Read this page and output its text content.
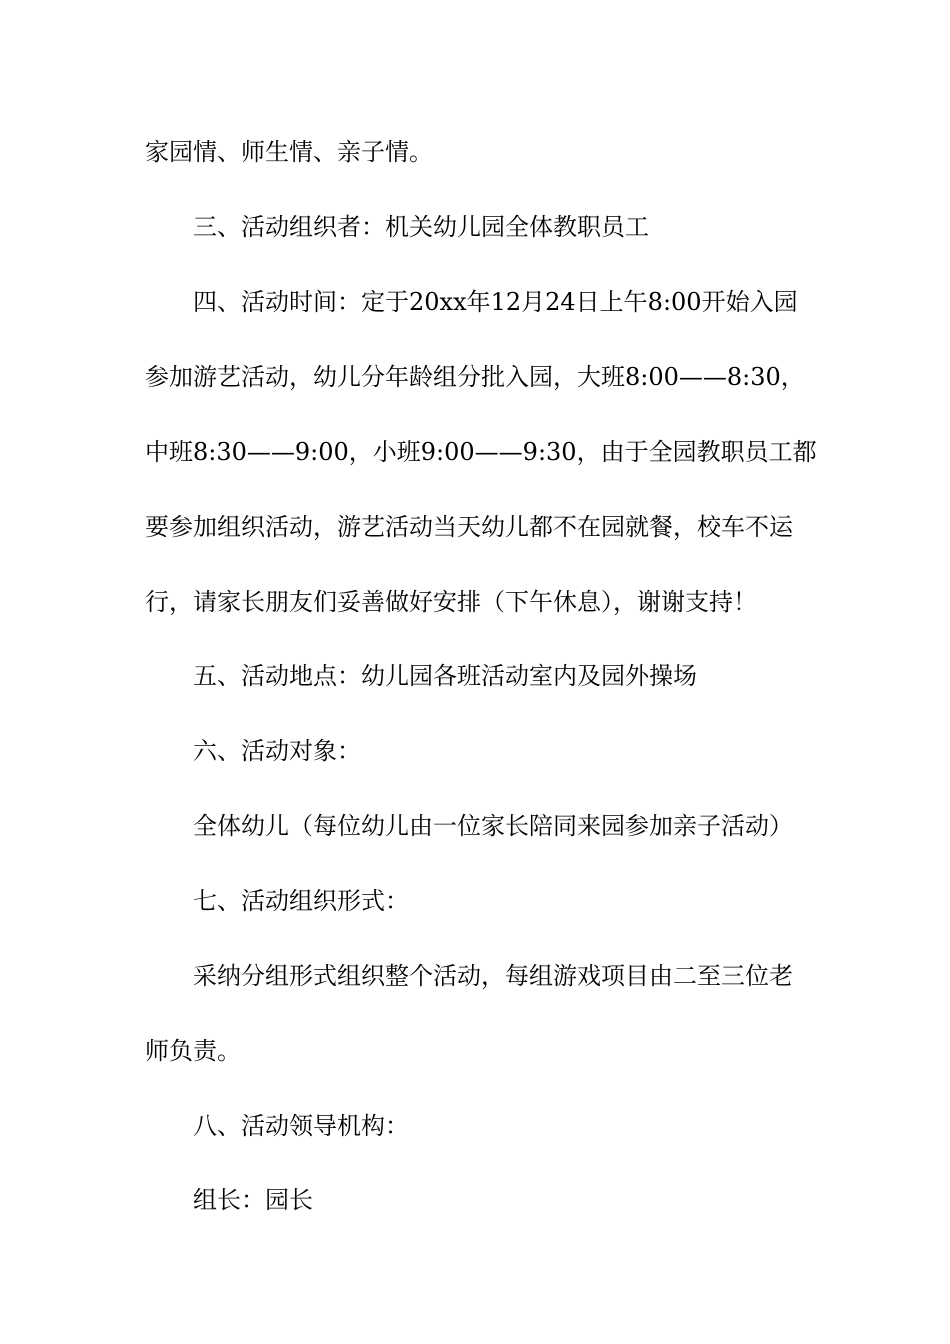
家园情、师生情、亲子情。
三、活动组织者：机关幼儿园全体教职员工
四、活动时间：定于20xx年12月24日上午8:00开始入园
参加游艺活动，幼儿分年龄组分批入园，大班8:00——8:30，
中班8:30——9:00，小班9:00——9:30，由于全园教职员工都
要参加组织活动，游艺活动当天幼儿都不在园就餐，校车不运
行，请家长朋友们妥善做好安排（下午休息），谢谢支持！
五、活动地点：幼儿园各班活动室内及园外操场
六、活动对象：
全体幼儿（每位幼儿由一位家长陪同来园参加亲子活动）
七、活动组织形式：
采纳分组形式组织整个活动，每组游戏项目由二至三位老
师负责。
八、活动领导机构：
组长：园长
